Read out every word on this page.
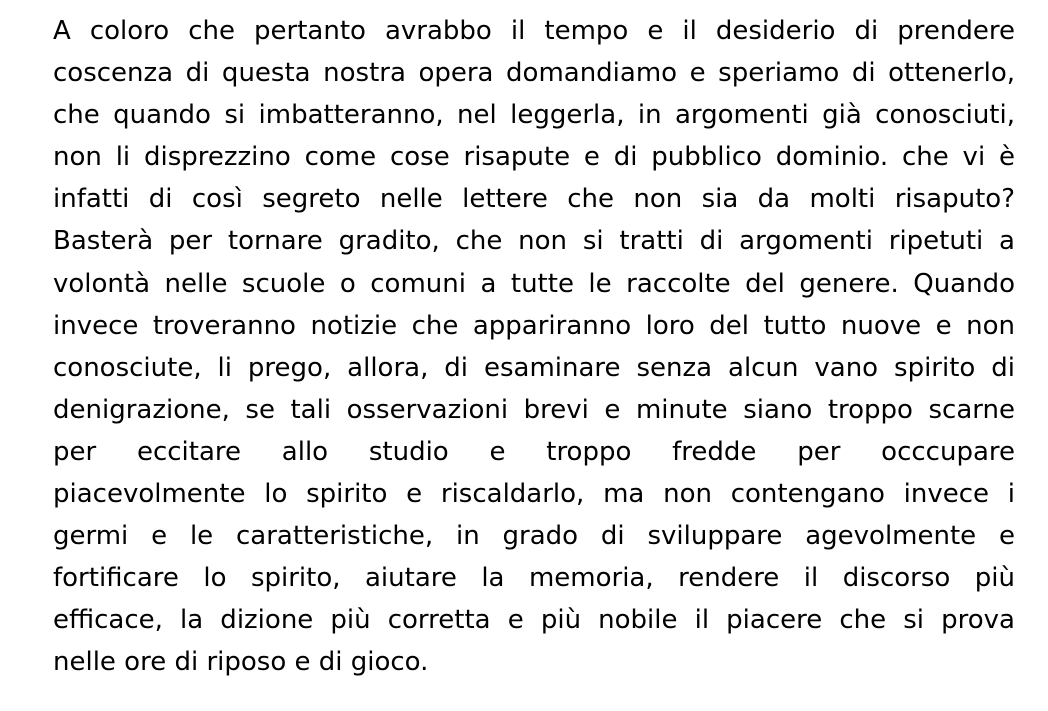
A coloro che pertanto avrabbo il tempo e il desiderio di prendere
coscenza di questa nostra opera domandiamo e speriamo di ottenerlo,
che quando si imbatteranno, nel leggerla, in argomenti già conosciuti,
non li disprezzino come cose risapute e di pubblico dominio. che vi è
infatti di così segreto nelle lettere che non sia da molti risaputo?
Basterà per tornare gradito, che non si tratti di argomenti ripetuti a
volontà nelle scuole o comuni a tutte le raccolte del genere. Quando
invece troveranno notizie che appariranno loro del tutto nuove e non
conosciute, li prego, allora, di esaminare senza alcun vano spirito di
denigrazione, se tali osservazioni brevi e minute siano troppo scarne
per eccitare allo studio e troppo fredde per occcupare
piacevolmente lo spirito e riscaldarlo, ma non contengano invece i
germi e le caratteristiche, in grado di sviluppare agevolmente e
fortificare lo spirito, aiutare la memoria, rendere il discorso più
efficace, la dizione più corretta e più nobile il piacere che si prova
nelle ore di riposo e di gioco.
